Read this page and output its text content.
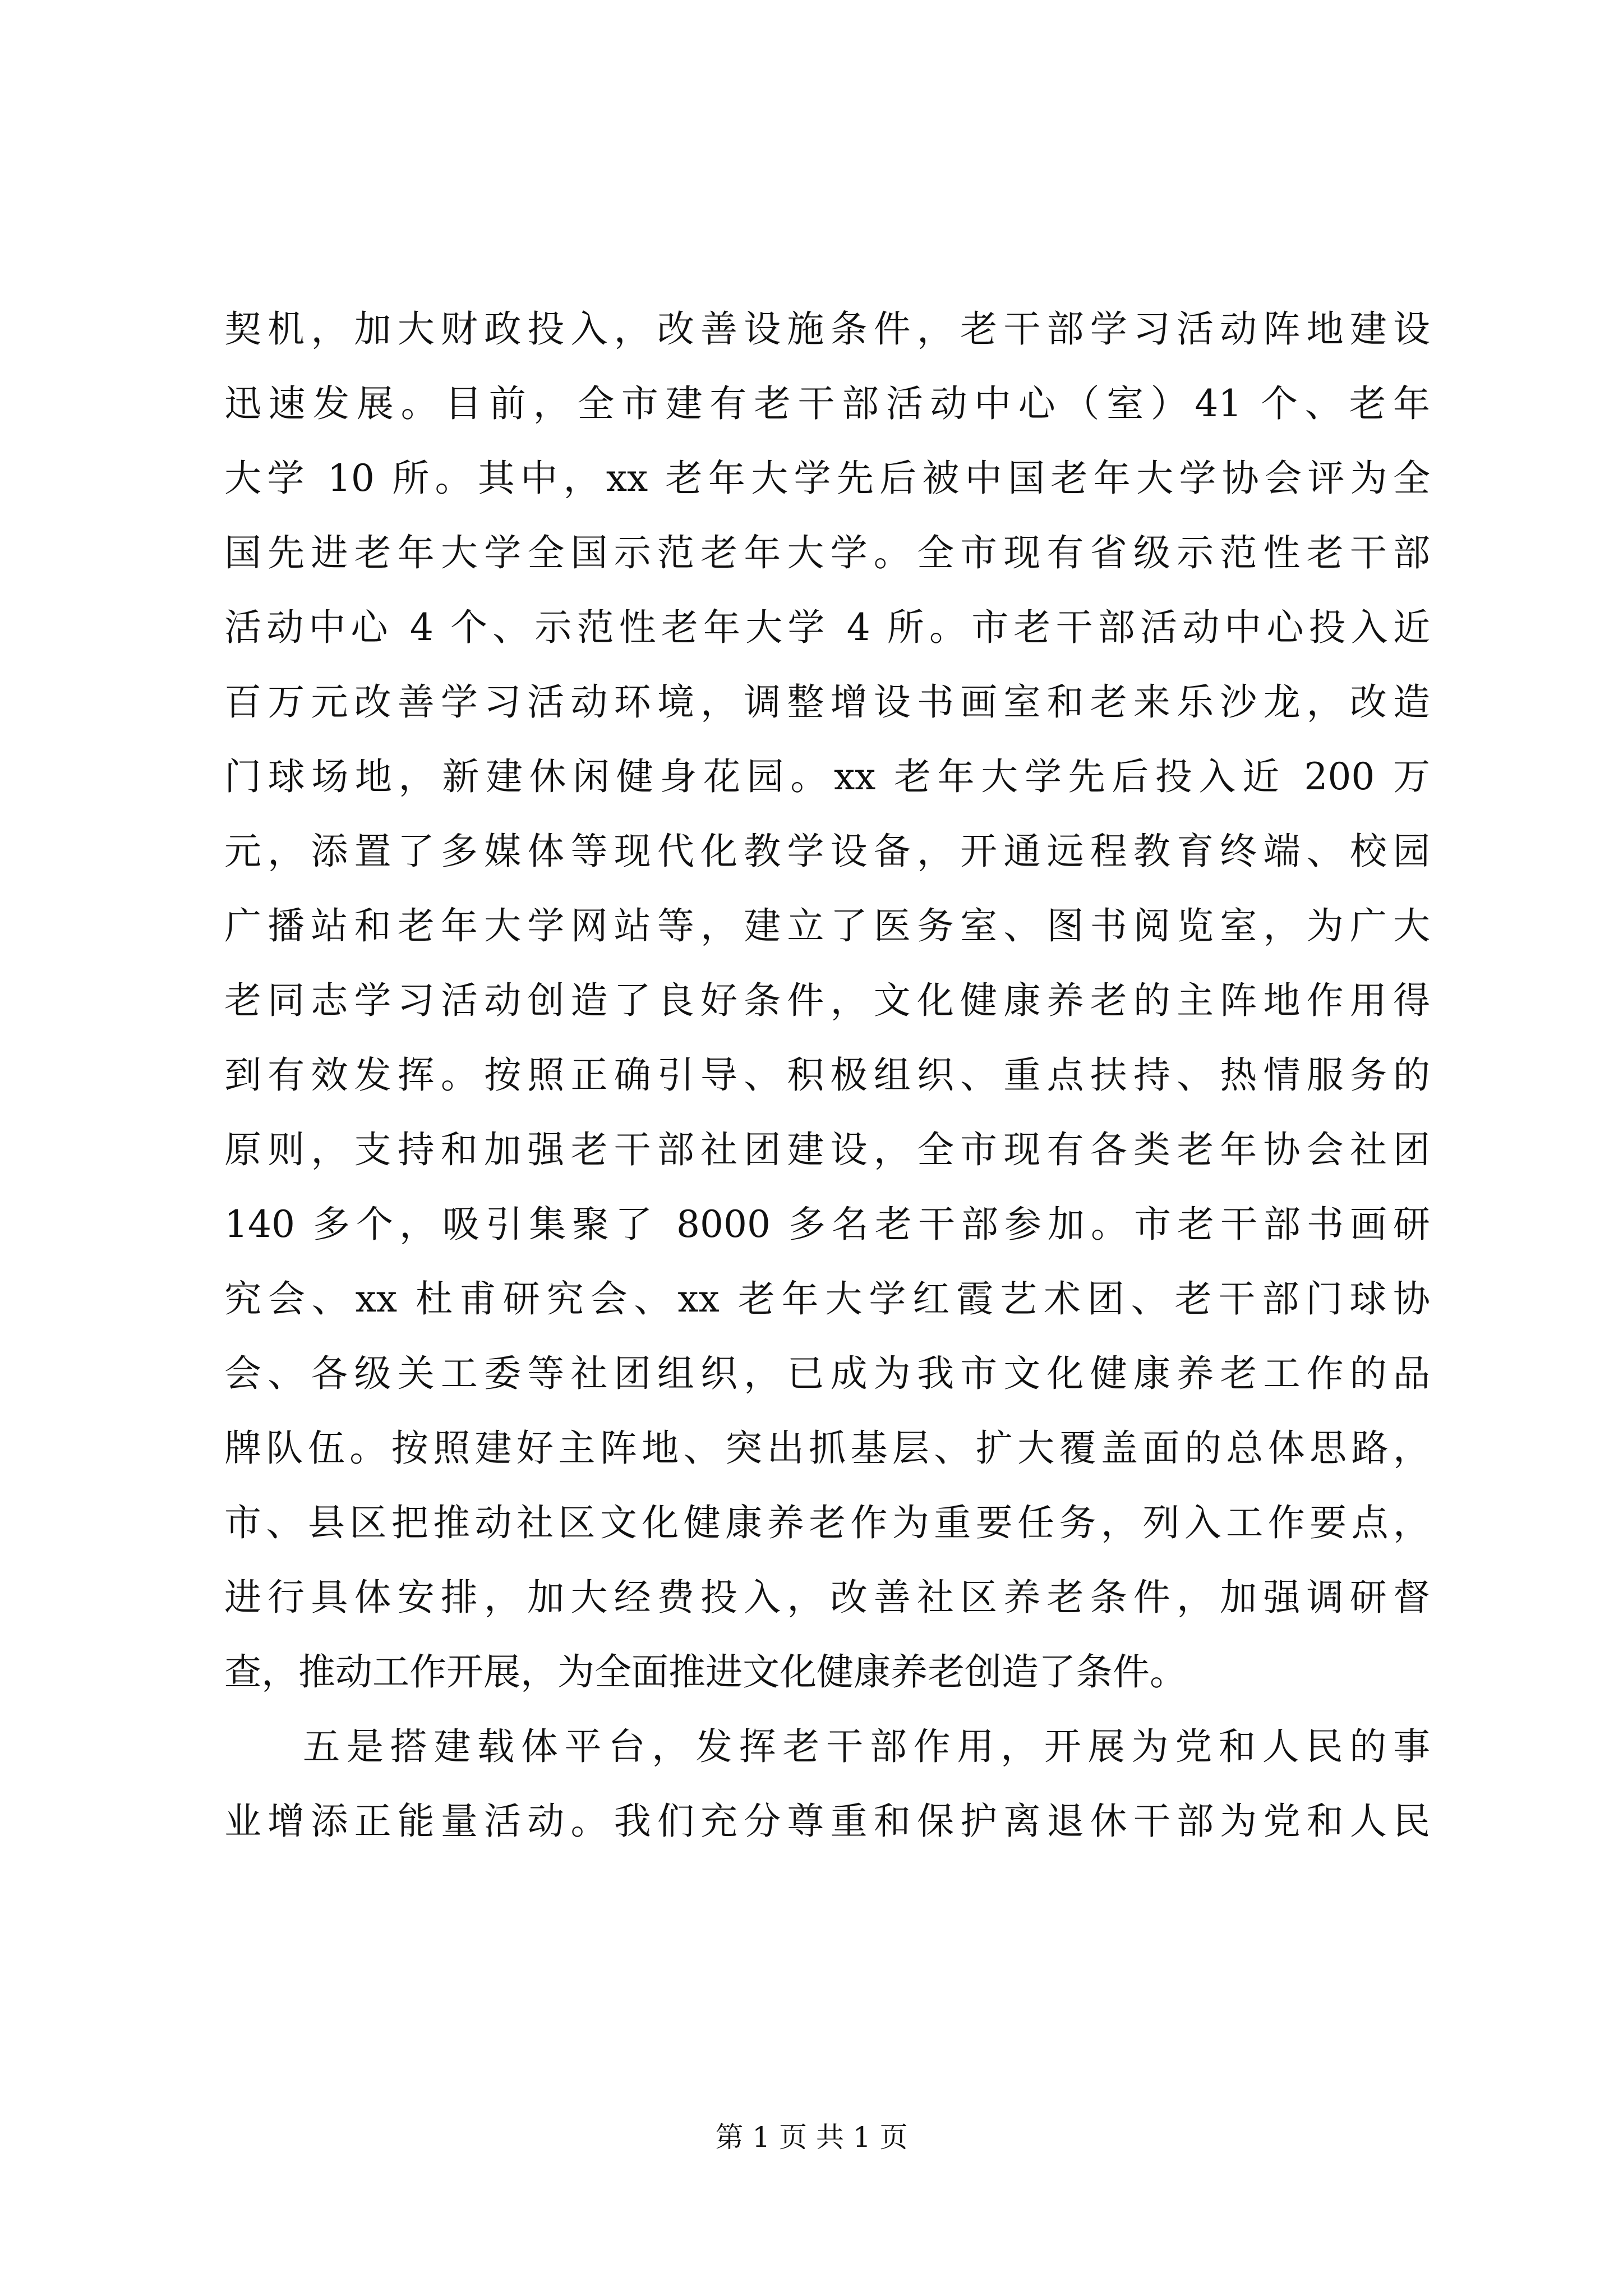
契机，加大财政投入，改善设施条件，老干部学习活动阵地建设
迅速发展。目前，全市建有老干部活动中心（室）41 个、老年
大学 10 所。其中，xx 老年大学先后被中国老年大学协会评为全
国先进老年大学全国示范老年大学。全市现有省级示范性老干部
活动中心 4 个、示范性老年大学 4 所。市老干部活动中心投入近
百万元改善学习活动环境，调整增设书画室和老来乐沙龙，改造
门球场地，新建休闲健身花园。xx 老年大学先后投入近 200 万
元，添置了多媒体等现代化教学设备，开通远程教育终端、校园
广播站和老年大学网站等，建立了医务室、图书阅览室，为广大
老同志学习活动创造了良好条件，文化健康养老的主阵地作用得
到有效发挥。按照正确引导、积极组织、重点扶持、热情服务的
原则，支持和加强老干部社团建设，全市现有各类老年协会社团
140 多个，吸引集聚了 8000 多名老干部参加。市老干部书画研
究会、xx 杜甫研究会、xx 老年大学红霞艺术团、老干部门球协
会、各级关工委等社团组织，已成为我市文化健康养老工作的品
牌队伍。按照建好主阵地、突出抓基层、扩大覆盖面的总体思路，
市、县区把推动社区文化健康养老作为重要任务，列入工作要点，
进行具体安排，加大经费投入，改善社区养老条件，加强调研督
查，推动工作开展，为全面推进文化健康养老创造了条件。
五是搭建载体平台，发挥老干部作用，开展为党和人民的事
业增添正能量活动。我们充分尊重和保护离退休干部为党和人民
第 1 页 共 1 页
